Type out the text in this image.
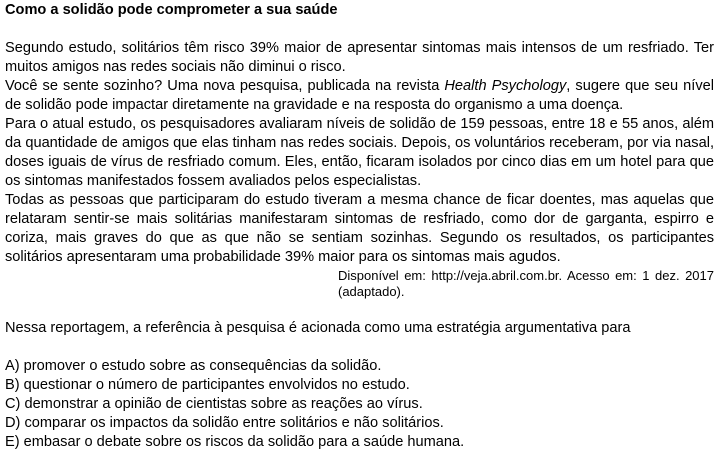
Como a solidão pode comprometer a sua saúde

Segundo estudo, solitários têm risco 39% maior de apresentar sintomas mais intensos de um resfriado. Ter muitos amigos nas redes sociais não diminui o risco.

Você se sente sozinho? Uma nova pesquisa, publicada na revista Health Psychology, sugere que seu nível de solidão pode impactar diretamente na gravidade e na resposta do organismo a uma doença.

Para o atual estudo, os pesquisadores avaliaram níveis de solidão de 159 pessoas, entre 18 e 55 anos, além da quantidade de amigos que elas tinham nas redes sociais. Depois, os voluntários receberam, por via nasal, doses iguais de vírus de resfriado comum. Eles, então, ficaram isolados por cinco dias em um hotel para que os sintomas manifestados fossem avaliados pelos especialistas.

Todas as pessoas que participaram do estudo tiveram a mesma chance de ficar doentes, mas aquelas que relataram sentir-se mais solitárias manifestaram sintomas de resfriado, como dor de garganta, espirro e coriza, mais graves do que as que não se sentiam sozinhas. Segundo os resultados, os participantes solitários apresentaram uma probabilidade 39% maior para os sintomas mais agudos.

Disponível em: http://veja.abril.com.br. Acesso em: 1 dez. 2017 (adaptado).

Nessa reportagem, a referência à pesquisa é acionada como uma estratégia argumentativa para

A) promover o estudo sobre as consequências da solidão.
B) questionar o número de participantes envolvidos no estudo.
C) demonstrar a opinião de cientistas sobre as reações ao vírus.
D) comparar os impactos da solidão entre solitários e não solitários.
E) embasar o debate sobre os riscos da solidão para a saúde humana.
